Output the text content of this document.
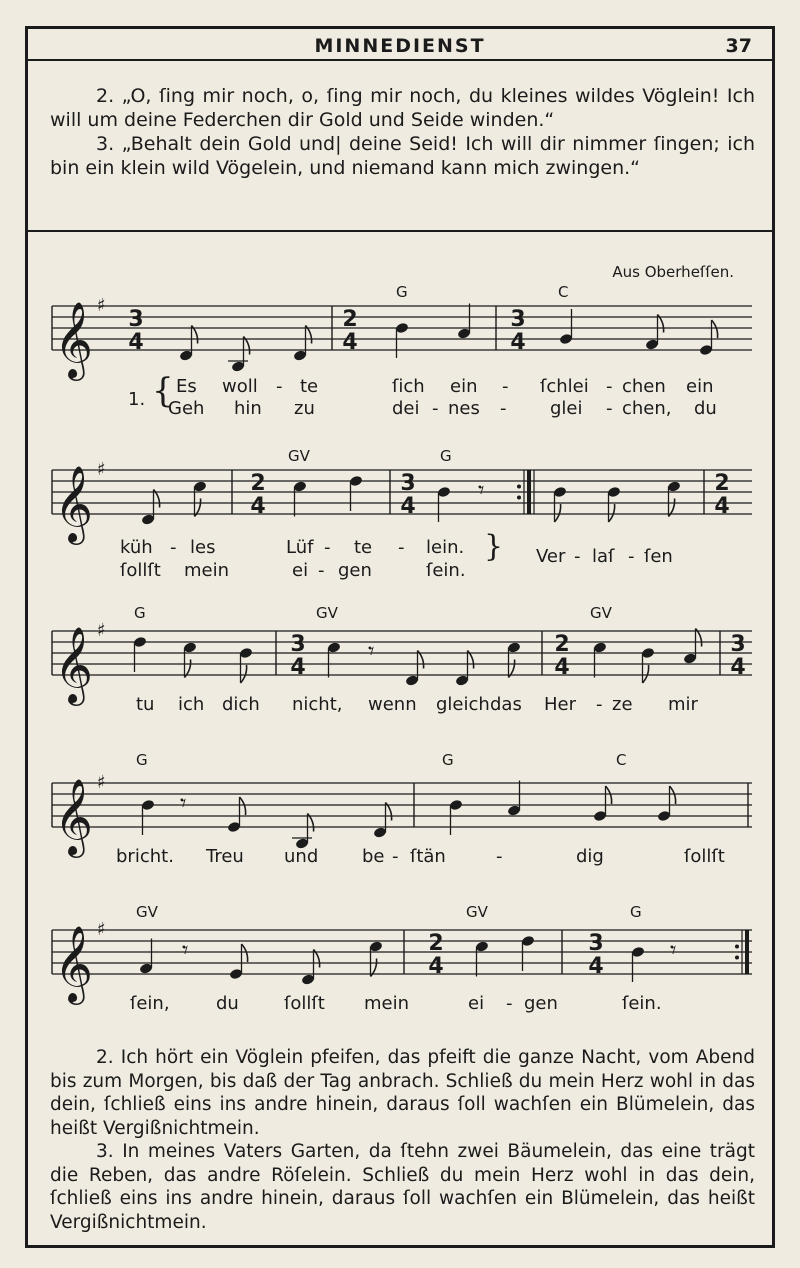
MINNEDIENST	37

2. „O, ſing mir noch, o, ſing mir noch, du kleines wildes Vöglein! Ich will um deine Federchen dir Gold und Seide winden.“

3. „Behalt dein Gold und| deine Seid! Ich will dir nimmer ſingen; ich bin ein klein wild Vögelein, und niemand kann mich zwingen.“

Aus Oberheſſen.
𝄞 ♯
𝄞 ♯
𝄞 ♯
𝄞 ♯
𝄞 ♯
3
4
2
4
3
4
2
4
3
4
𝄾	2
4
3
4
𝄾	2
4
3
4
𝄾
𝄾	2
4
3
4
𝄾
G	C
1. { Es woll - te	ſich ein - ſchlei - chen ein
Geh hin zu	dei - nes - glei - chen, du
GV	G
küh - les	Lüf - te - lein.
ſollſt mein	ei - gen	ſein.
} Ver - laſ - ſen
G	GV	GV
tu ich dich nicht, wenn gleich das Her - ze mir
G	G	C
bricht. Treu und be - ſtän	-	dig	ſollſt
GV	GV	G
ſein,	du	ſollſt mein	ei - gen	ſein.

2. Ich hört ein Vöglein pfeifen, das pfeift die ganze Nacht, vom Abend bis zum Morgen, bis daß der Tag anbrach. Schließ du mein Herz wohl in das dein, ſchließ eins ins andre hinein, daraus ſoll wachſen ein Blümelein, das heißt Vergißnichtmein.

3. In meines Vaters Garten, da ſtehn zwei Bäumelein, das eine trägt die Reben, das andre Röſelein. Schließ du mein Herz wohl in das dein, ſchließ eins ins andre hinein, daraus ſoll wachſen ein Blümelein, das heißt Vergißnichtmein.
